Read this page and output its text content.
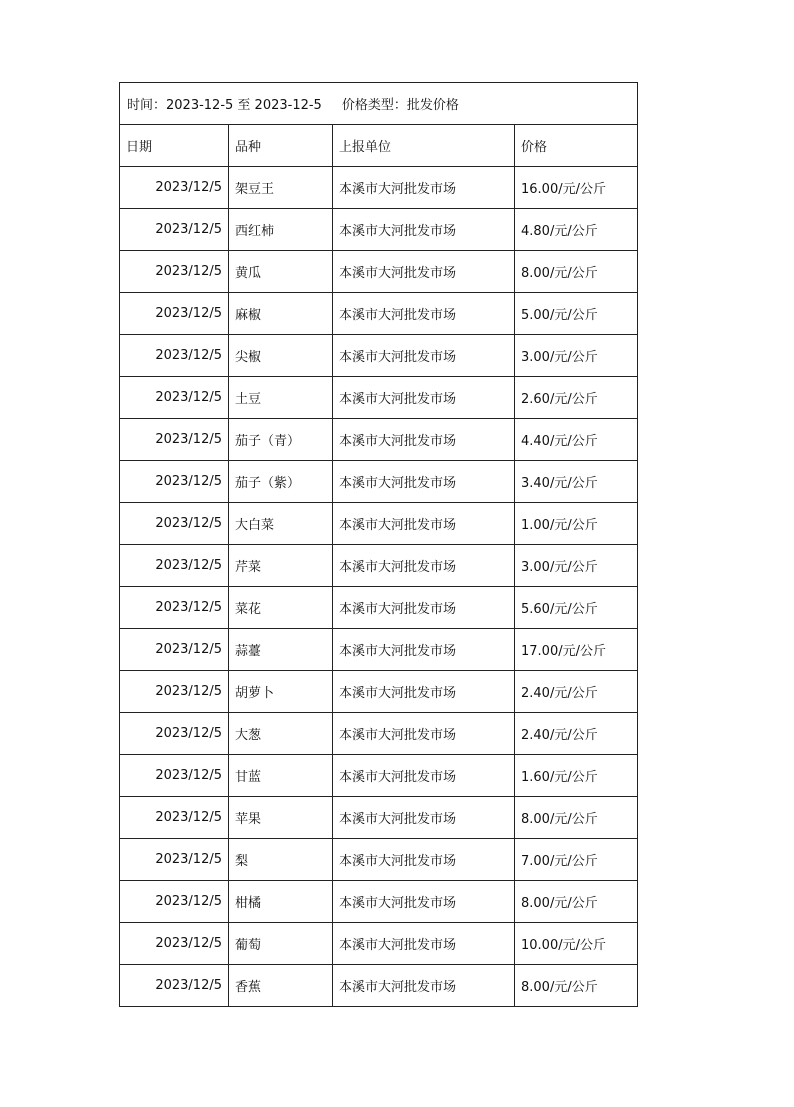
时间：2023-12-5 至 2023-12-5 价格类型：批发价格			
日期	品种	上报单位	价格
2023/12/5	架豆王	本溪市大河批发市场	16.00/元/公斤
2023/12/5	西红柿	本溪市大河批发市场	4.80/元/公斤
2023/12/5	黄瓜	本溪市大河批发市场	8.00/元/公斤
2023/12/5	麻椒	本溪市大河批发市场	5.00/元/公斤
2023/12/5	尖椒	本溪市大河批发市场	3.00/元/公斤
2023/12/5	土豆	本溪市大河批发市场	2.60/元/公斤
2023/12/5	茄子（青）	本溪市大河批发市场	4.40/元/公斤
2023/12/5	茄子（紫）	本溪市大河批发市场	3.40/元/公斤
2023/12/5	大白菜	本溪市大河批发市场	1.00/元/公斤
2023/12/5	芹菜	本溪市大河批发市场	3.00/元/公斤
2023/12/5	菜花	本溪市大河批发市场	5.60/元/公斤
2023/12/5	蒜薹	本溪市大河批发市场	17.00/元/公斤
2023/12/5	胡萝卜	本溪市大河批发市场	2.40/元/公斤
2023/12/5	大葱	本溪市大河批发市场	2.40/元/公斤
2023/12/5	甘蓝	本溪市大河批发市场	1.60/元/公斤
2023/12/5	苹果	本溪市大河批发市场	8.00/元/公斤
2023/12/5	梨	本溪市大河批发市场	7.00/元/公斤
2023/12/5	柑橘	本溪市大河批发市场	8.00/元/公斤
2023/12/5	葡萄	本溪市大河批发市场	10.00/元/公斤
2023/12/5	香蕉	本溪市大河批发市场	8.00/元/公斤
